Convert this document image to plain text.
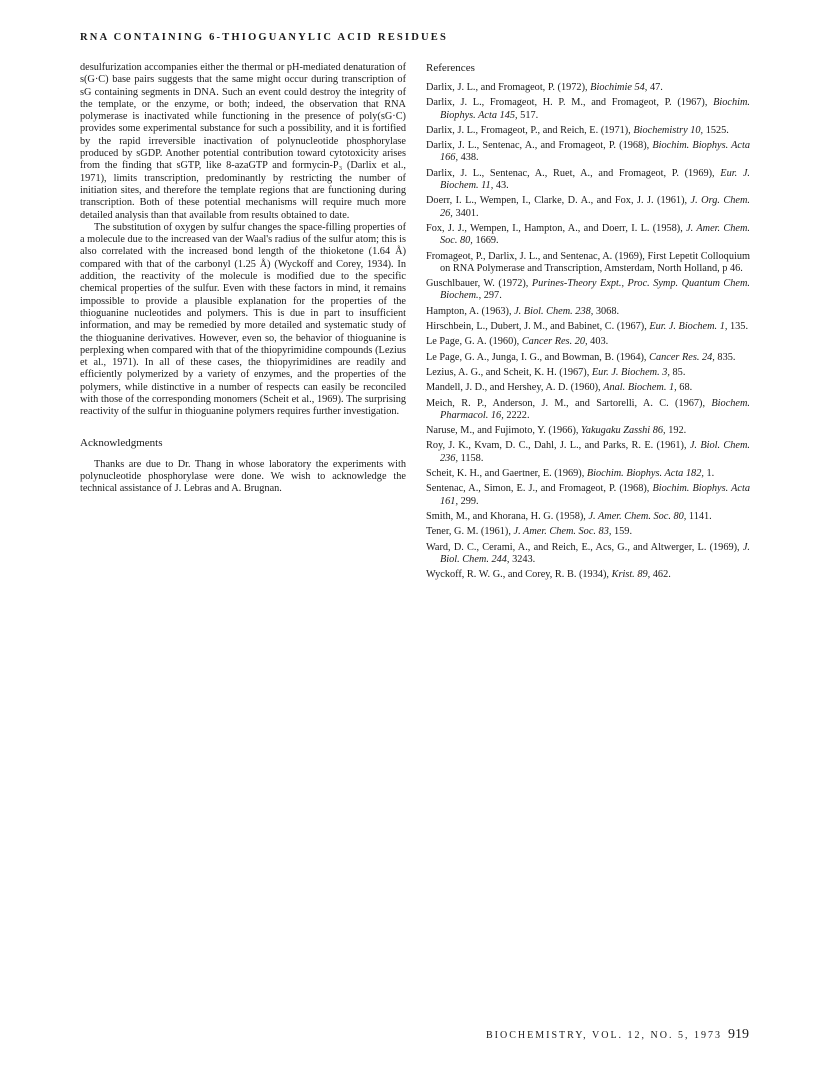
RNA CONTAINING 6-THIOGUANYLIC ACID RESIDUES

desulfurization accompanies either the thermal or pH-mediated denaturation of s(G·C) base pairs suggests that the same might occur during transcription of sG containing segments in DNA. Such an event could destroy the integrity of the template, or the enzyme, or both; indeed, the observation that RNA polymerase is inactivated while functioning in the presence of poly(sG·C) provides some experimental substance for such a possibility, and it is fortified by the rapid irreversible inactivation of polynucleotide phosphorylase produced by sGDP. Another potential contribution toward cytotoxicity arises from the finding that sGTP, like 8-azaGTP and formycin-P₃ (Darlix et al., 1971), limits transcription, predominantly by restricting the number of initiation sites, and therefore the template regions that are functioning during transcription. Both of these potential mechanisms will require much more detailed analysis than that available from results obtained to date.

The substitution of oxygen by sulfur changes the space-filling properties of a molecule due to the increased van der Waal's radius of the sulfur atom; this is also correlated with the increased bond length of the thioketone (1.64 Å) compared with that of the carbonyl (1.25 Å) (Wyckoff and Corey, 1934). In addition, the reactivity of the molecule is modified due to the specific chemical properties of the sulfur. Even with these factors in mind, it remains impossible to provide a plausible explanation for the properties of the thioguanine nucleotides and polymers. This is due in part to insufficient information, and may be remedied by more detailed and systematic study of the thioguanine derivatives. However, even so, the behavior of thioguanine is perplexing when compared with that of the thiopyrimidine compounds (Lezius et al., 1971). In all of these cases, the thiopyrimidines are readily and efficiently polymerized by a variety of enzymes, and the properties of the polymers, while distinctive in a number of respects can easily be reconciled with those of the corresponding monomers (Scheit et al., 1969). The surprising reactivity of the sulfur in thioguanine polymers requires further investigation.

Acknowledgments

Thanks are due to Dr. Thang in whose laboratory the experiments with polynucleotide phosphorylase were done. We wish to acknowledge the technical assistance of J. Lebras and A. Brugnan.

References
Darlix, J. L., and Fromageot, P. (1972), Biochimie 54, 47.
Darlix, J. L., Fromageot, H. P. M., and Fromageot, P. (1967), Biochim. Biophys. Acta 145, 517.
Darlix, J. L., Fromageot, P., and Reich, E. (1971), Biochemistry 10, 1525.
Darlix, J. L., Sentenac, A., and Fromageot, P. (1968), Biochim. Biophys. Acta 166, 438.
Darlix, J. L., Sentenac, A., Ruet, A., and Fromageot, P. (1969), Eur. J. Biochem. 11, 43.
Doerr, I. L., Wempen, I., Clarke, D. A., and Fox, J. J. (1961), J. Org. Chem. 26, 3401.
Fox, J. J., Wempen, I., Hampton, A., and Doerr, I. L. (1958), J. Amer. Chem. Soc. 80, 1669.
Fromageot, P., Darlix, J. L., and Sentenac, A. (1969), First Lepetit Colloquium on RNA Polymerase and Transcription, Amsterdam, North Holland, p 46.
Guschlbauer, W. (1972), Purines-Theory Expt., Proc. Symp. Quantum Chem. Biochem., 297.
Hampton, A. (1963), J. Biol. Chem. 238, 3068.
Hirschbein, L., Dubert, J. M., and Babinet, C. (1967), Eur. J. Biochem. 1, 135.
Le Page, G. A. (1960), Cancer Res. 20, 403.
Le Page, G. A., Junga, I. G., and Bowman, B. (1964), Cancer Res. 24, 835.
Lezius, A. G., and Scheit, K. H. (1967), Eur. J. Biochem. 3, 85.
Mandell, J. D., and Hershey, A. D. (1960), Anal. Biochem. 1, 68.
Meich, R. P., Anderson, J. M., and Sartorelli, A. C. (1967), Biochem. Pharmacol. 16, 2222.
Naruse, M., and Fujimoto, Y. (1966), Yakugaku Zasshi 86, 192.
Roy, J. K., Kvam, D. C., Dahl, J. L., and Parks, R. E. (1961), J. Biol. Chem. 236, 1158.
Scheit, K. H., and Gaertner, E. (1969), Biochim. Biophys. Acta 182, 1.
Sentenac, A., Simon, E. J., and Fromageot, P. (1968), Biochim. Biophys. Acta 161, 299.
Smith, M., and Khorana, H. G. (1958), J. Amer. Chem. Soc. 80, 1141.
Tener, G. M. (1961), J. Amer. Chem. Soc. 83, 159.
Ward, D. C., Cerami, A., and Reich, E., Acs, G., and Altwerger, L. (1969), J. Biol. Chem. 244, 3243.
Wyckoff, R. W. G., and Corey, R. B. (1934), Krist. 89, 462.
BIOCHEMISTRY, VOL. 12, NO. 5, 1973 919
